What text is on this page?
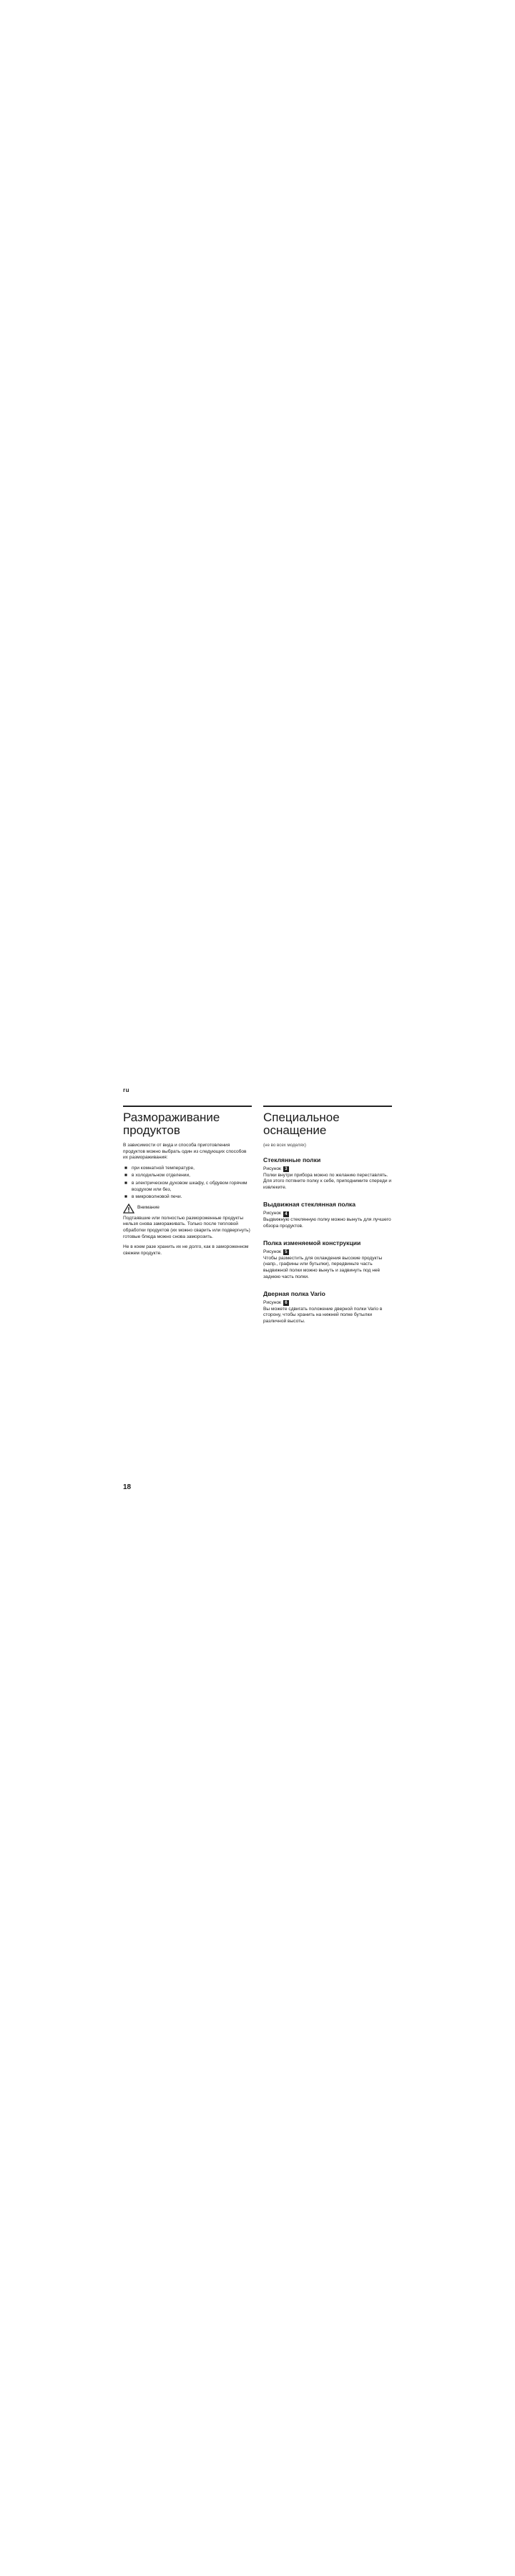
ru
Размораживание продуктов

В зависимости от вида и способа приготовления продуктов можно выбрать один из следующих способов их размораживания:

■ при комнатной температуре,
■ в холодильном отделении,
■ в электрическом духовом шкафу, с обдувом горячим воздухом или без,
■ в микроволновой печи.
Внимание

Подтаявшие или полностью размороженные продукты нельзя снова замораживать. Только после тепловой обработки продуктов (их можно сварить или подвергнуть) готовые блюда можно снова заморозить.

Не в коем разе хранить их не долго, как в замороженном свежем продукте.

Специальное оснащение

(не во всех моделях)

Стеклянные полки
Рисунок 3

Полки внутри прибора можно по желанию переставлять. Для этого потяните полку к себе, приподнимите спереди и извлеките.

Выдвижная стеклянная полка
Рисунок 4

Выдвижную стеклянную полку можно вынуть для лучшего обзора продуктов.

Полка изменяемой конструкции
Рисунок 5

Чтобы разместить для охлаждения высокие продукты (напр., графины или бутылки), передвиньте часть выдвижной полки можно вынуть и задвинуть под неё заднюю часть полки.

Дверная полка Vario
Рисунок 6

Вы можете сдвигать положение дверной полки Vario в сторону, чтобы хранить на нижней полке бутылки различной высоты.

18
